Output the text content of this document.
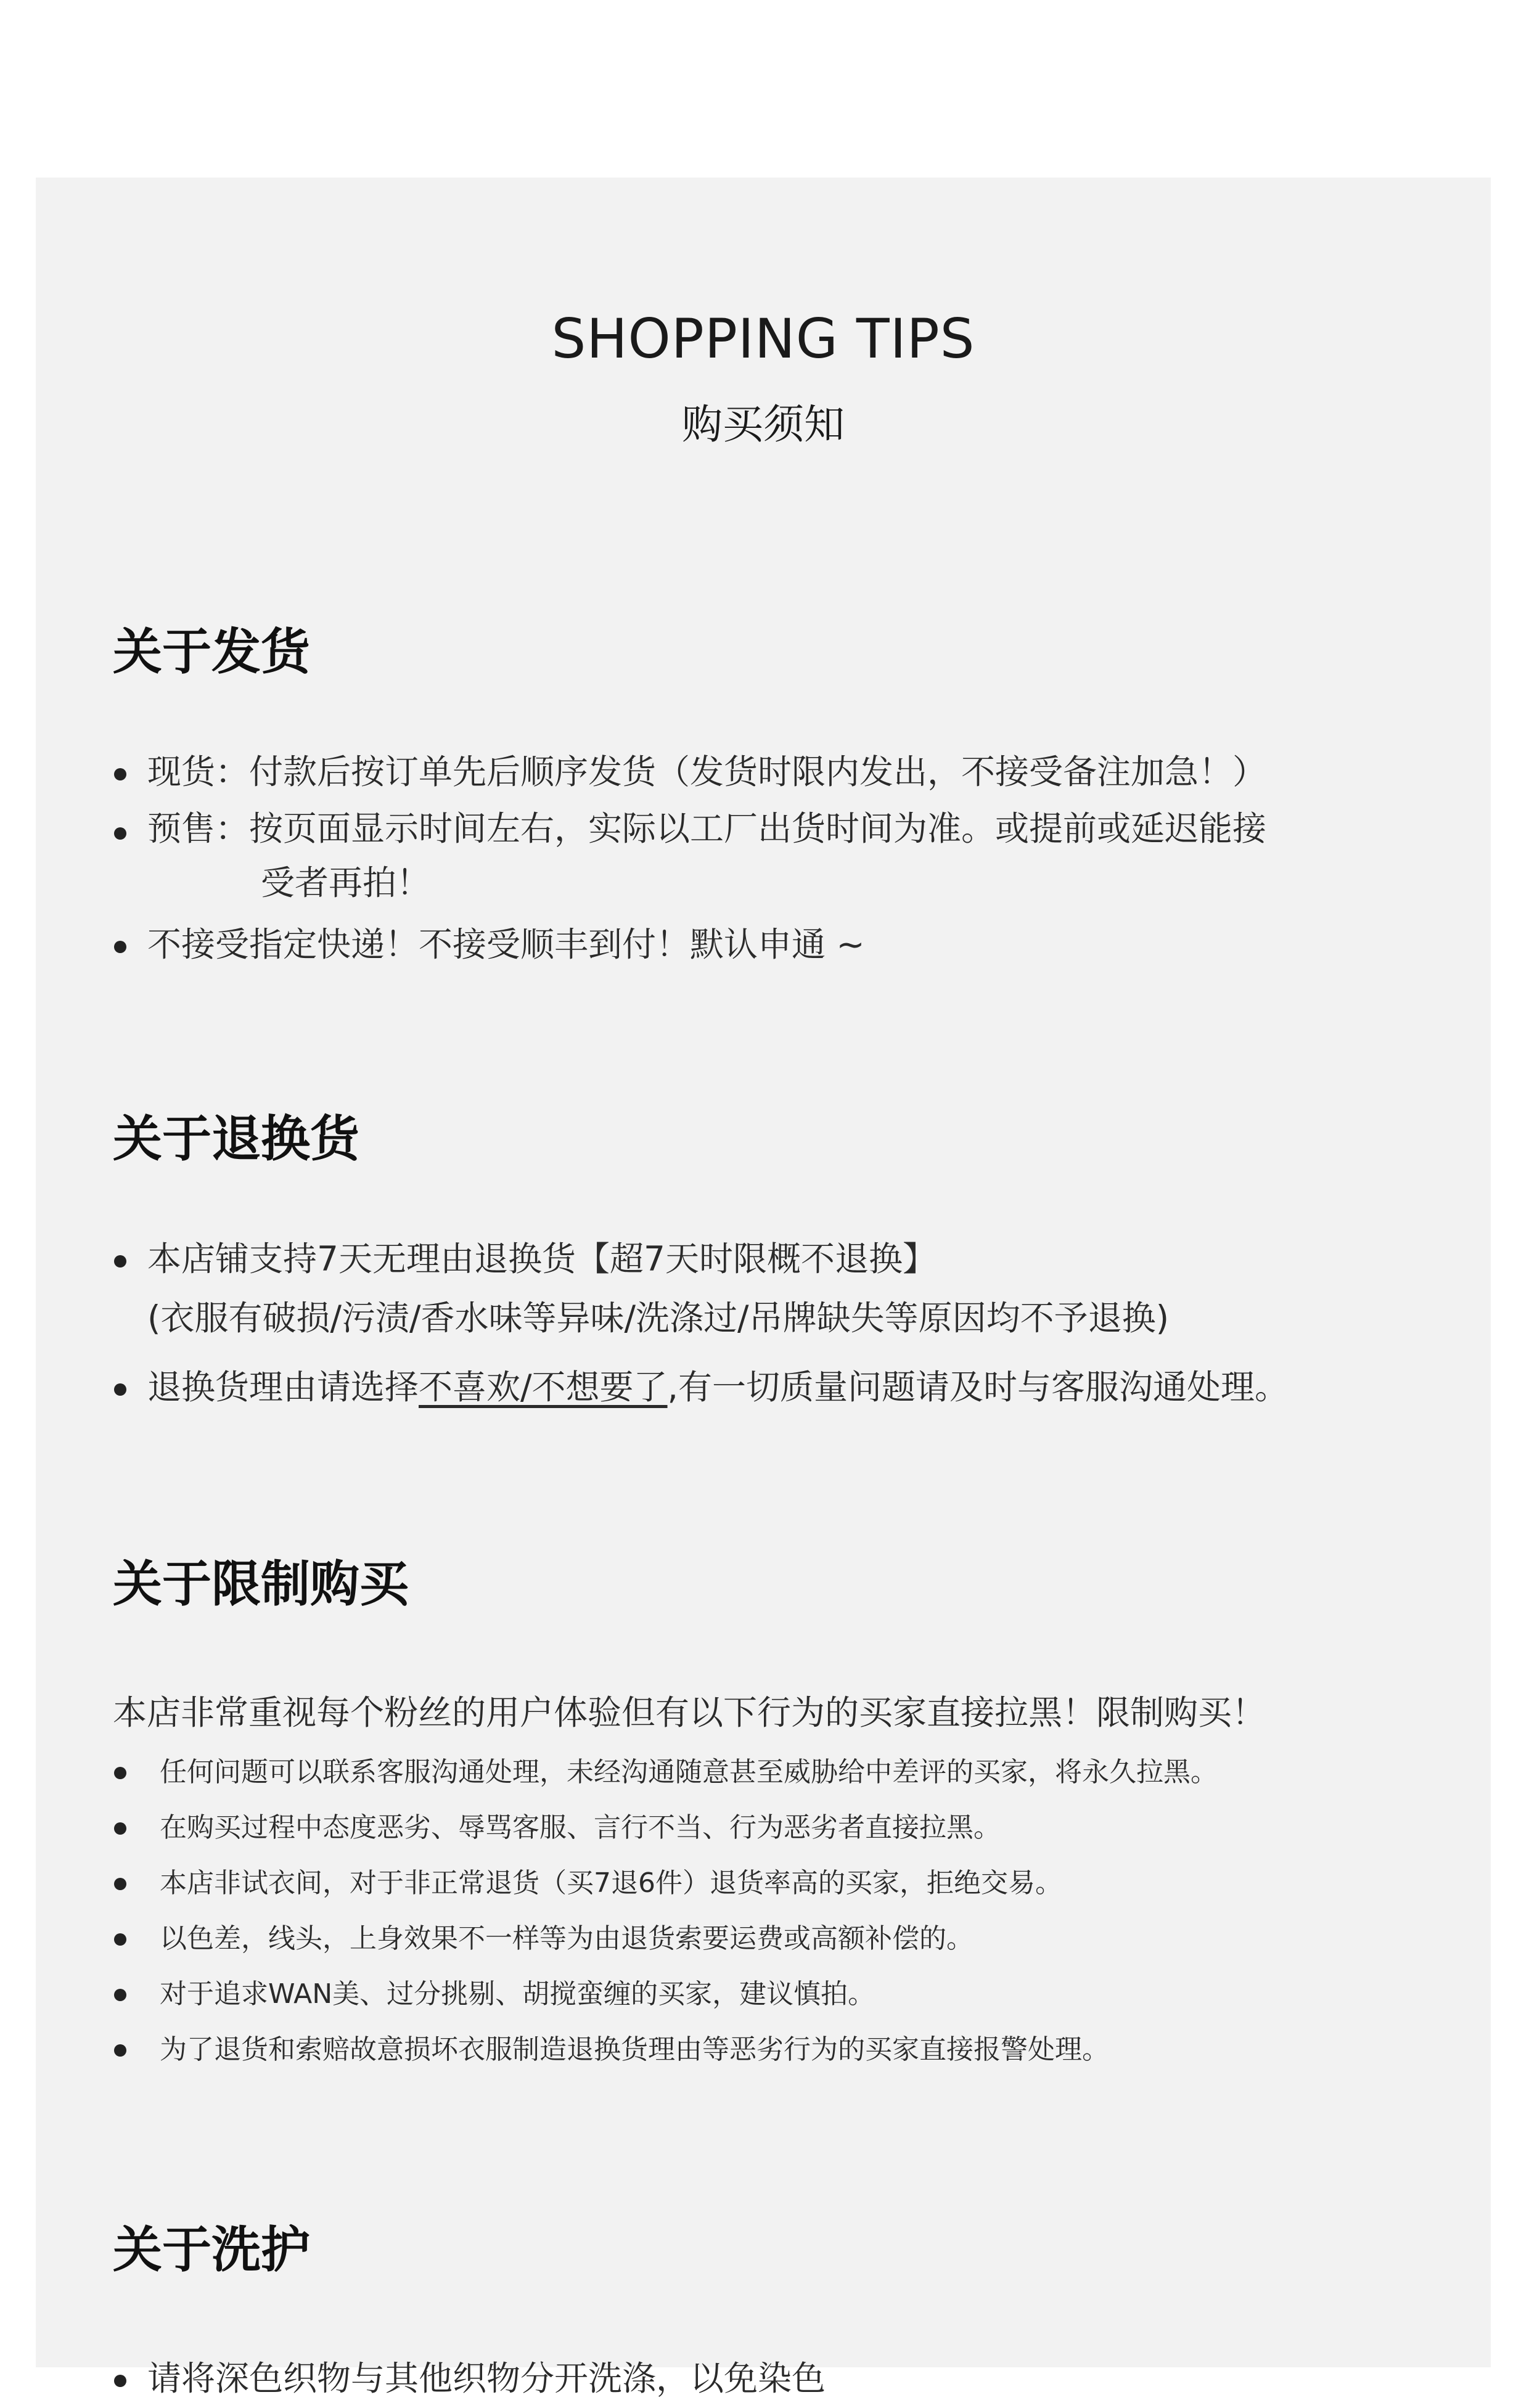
SHOPPING TIPS
购买须知
关于发货
现货：付款后按订单先后顺序发货（发货时限内发出，不接受备注加急！）
预售：按页面显示时间左右，实际以工厂出货时间为准。或提前或延迟能接
受者再拍！
不接受指定快递！不接受顺丰到付！默认申通 ~
关于退换货
本店铺支持7天无理由退换货【超7天时限概不退换】
(衣服有破损/污渍/香水味等异味/洗涤过/吊牌缺失等原因均不予退换)
退换货理由请选择不喜欢/不想要了,有一切质量问题请及时与客服沟通处理。
关于限制购买
本店非常重视每个粉丝的用户体验但有以下行为的买家直接拉黑！限制购买！
任何问题可以联系客服沟通处理，未经沟通随意甚至威胁给中差评的买家，将永久拉黑。
在购买过程中态度恶劣、辱骂客服、言行不当、行为恶劣者直接拉黑。
本店非试衣间，对于非正常退货（买7退6件）退货率高的买家，拒绝交易。
以色差，线头，上身效果不一样等为由退货索要运费或高额补偿的。
对于追求WAN美、过分挑剔、胡搅蛮缠的买家，建议慎拍。
为了退货和索赔故意损坏衣服制造退换货理由等恶劣行为的买家直接报警处理。
关于洗护
请将深色织物与其他织物分开洗涤，以免染色
